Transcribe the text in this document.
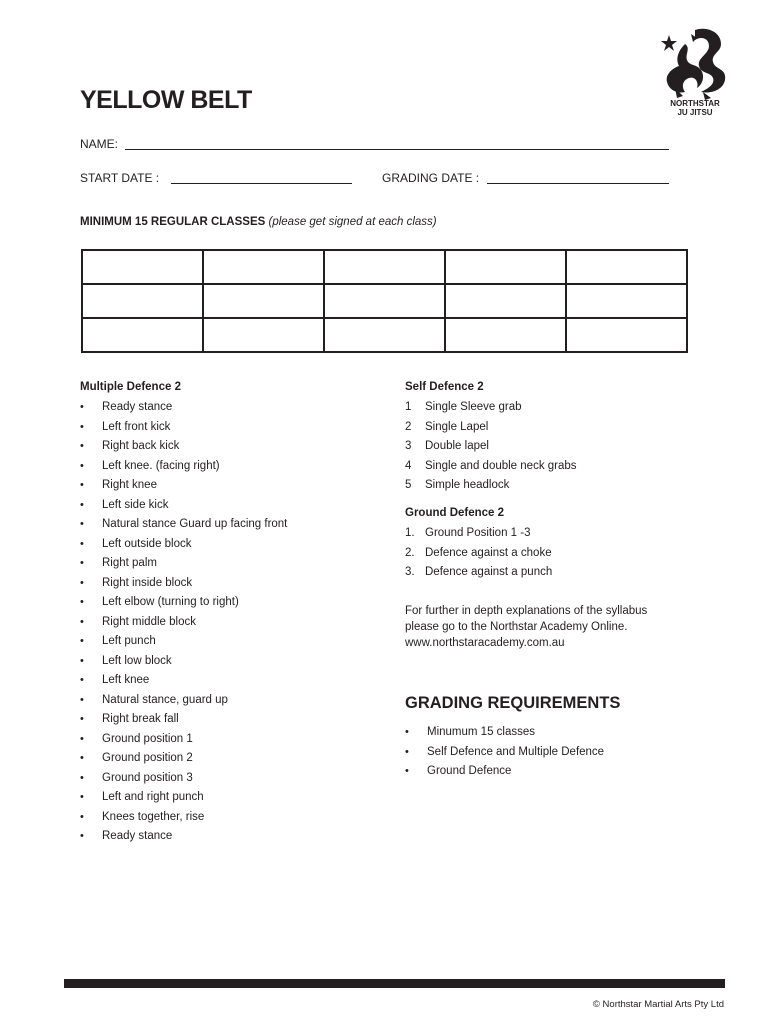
YELLOW BELT	NORTHSTAR
JU JITSU
NAME:
START DATE :	GRADING DATE :
MINIMUM 15 REGULAR CLASSES (please get signed at each class)

Multiple Defence 2
• Ready stance
• Left front kick
• Right back kick
• Left knee. (facing right)
• Right knee
• Left side kick
• Natural stance Guard up facing front
• Left outside block
• Right palm
• Right inside block
• Left elbow (turning to right)
• Right middle block
• Left punch
• Left low block
• Left knee
• Natural stance, guard up
• Right break fall
• Ground position 1
• Ground position 2
• Ground position 3
• Left and right punch
• Knees together, rise
• Ready stance
Self Defence 2
1 Single Sleeve grab
2 Single Lapel
3 Double lapel
4 Single and double neck grabs
5 Simple headlock
Ground Defence 2
1. Ground Position 1 -3
2. Defence against a choke
3. Defence against a punch
For further in depth explanations of the syllabus
please go to the Northstar Academy Online.
www.northstaracademy.com.au
GRADING REQUIREMENTS
• Minumum 15 classes
• Self Defence and Multiple Defence
• Ground Defence
© Northstar Martial Arts Pty Ltd
